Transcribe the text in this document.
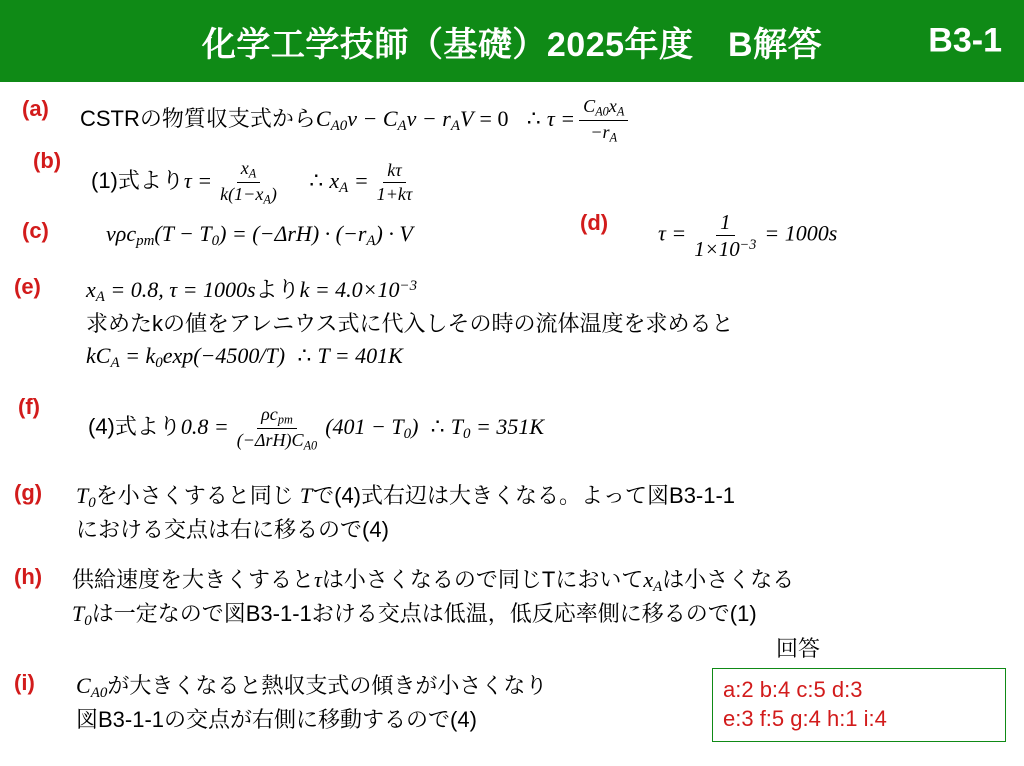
化学工学技師（基礎）2025年度　B解答	B3-1
(a)	CSTRの物質収支式から$C_{A0}v - C_Av - r_AV = 0$ ∴ $\tau = \frac{C_{A0}x_A}{-r_A}$
(b)
(1)式より$\tau = \frac{x_A}{k(1-x_A)}$ ∴ $x_A = \frac{k\tau}{1+k\tau}$
(c)	$v\rho c_{pm}(T - T_0) = (-\Delta rH) \cdot (-r_A) \cdot V$	(d)	$\tau = \frac{1}{1\times 10^{-3}} = 1000s$
(e)	$x_A = 0.8$, τ = 1000sより$k = 4.0\times 10^{-3}$
求めたkの値をアレニウス式に代入しその時の流体温度を求めると
$kC_A = k_0\exp(-4500/T)$ ∴ T = 401K
(f)
(4)式より$0.8 = \frac{\rho c_{pm}}{(-\Delta rH)C_{A0}} (401 - T_0)$ ∴ $T_0 = 351K$
(g)	$T_0$を小さくすると同じ Tで(4)式右辺は大きくなる。よって図B3-1-1
における交点は右に移るので(4)
(h)	供給速度を大きくするとτは小さくなるので同じTにおいて$x_A$は小さくなる
$T_0$は一定なので図B3-1-1おける交点は低温，低反応率側に移るので(1)
(i)	$C_{A0}$が大きくなると熱収支式の傾きが小さくなり
図B3-1-1の交点が右側に移動するので(4)
回答
a:2 b:4 c:5 d:3
e:3 f:5 g:4 h:1 i:4
